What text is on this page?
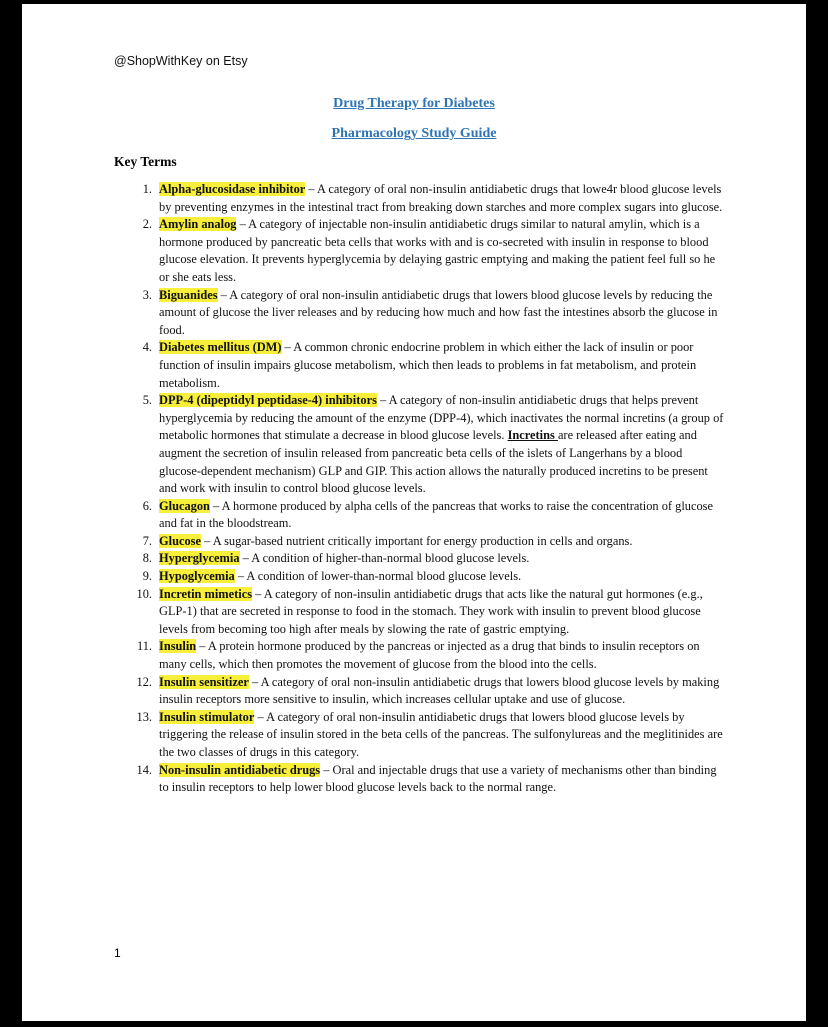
@ShopWithKey on Etsy
Drug Therapy for Diabetes
Pharmacology Study Guide
Key Terms
1. Alpha-glucosidase inhibitor – A category of oral non-insulin antidiabetic drugs that lowe4r blood glucose levels by preventing enzymes in the intestinal tract from breaking down starches and more complex sugars into glucose.
2. Amylin analog – A category of injectable non-insulin antidiabetic drugs similar to natural amylin, which is a hormone produced by pancreatic beta cells that works with and is co-secreted with insulin in response to blood glucose elevation. It prevents hyperglycemia by delaying gastric emptying and making the patient feel full so he or she eats less.
3. Biguanides – A category of oral non-insulin antidiabetic drugs that lowers blood glucose levels by reducing the amount of glucose the liver releases and by reducing how much and how fast the intestines absorb the glucose in food.
4. Diabetes mellitus (DM) – A common chronic endocrine problem in which either the lack of insulin or poor function of insulin impairs glucose metabolism, which then leads to problems in fat metabolism, and protein metabolism.
5. DPP-4 (dipeptidyl peptidase-4) inhibitors – A category of non-insulin antidiabetic drugs that helps prevent hyperglycemia by reducing the amount of the enzyme (DPP-4), which inactivates the normal incretins (a group of metabolic hormones that stimulate a decrease in blood glucose levels. Incretins are released after eating and augment the secretion of insulin released from pancreatic beta cells of the islets of Langerhans by a blood glucose-dependent mechanism) GLP and GIP. This action allows the naturally produced incretins to be present and work with insulin to control blood glucose levels.
6. Glucagon – A hormone produced by alpha cells of the pancreas that works to raise the concentration of glucose and fat in the bloodstream.
7. Glucose – A sugar-based nutrient critically important for energy production in cells and organs.
8. Hyperglycemia – A condition of higher-than-normal blood glucose levels.
9. Hypoglycemia – A condition of lower-than-normal blood glucose levels.
10. Incretin mimetics – A category of non-insulin antidiabetic drugs that acts like the natural gut hormones (e.g., GLP-1) that are secreted in response to food in the stomach. They work with insulin to prevent blood glucose levels from becoming too high after meals by slowing the rate of gastric emptying.
11. Insulin – A protein hormone produced by the pancreas or injected as a drug that binds to insulin receptors on many cells, which then promotes the movement of glucose from the blood into the cells.
12. Insulin sensitizer – A category of oral non-insulin antidiabetic drugs that lowers blood glucose levels by making insulin receptors more sensitive to insulin, which increases cellular uptake and use of glucose.
13. Insulin stimulator – A category of oral non-insulin antidiabetic drugs that lowers blood glucose levels by triggering the release of insulin stored in the beta cells of the pancreas. The sulfonylureas and the meglitinides are the two classes of drugs in this category.
14. Non-insulin antidiabetic drugs – Oral and injectable drugs that use a variety of mechanisms other than binding to insulin receptors to help lower blood glucose levels back to the normal range.
1
